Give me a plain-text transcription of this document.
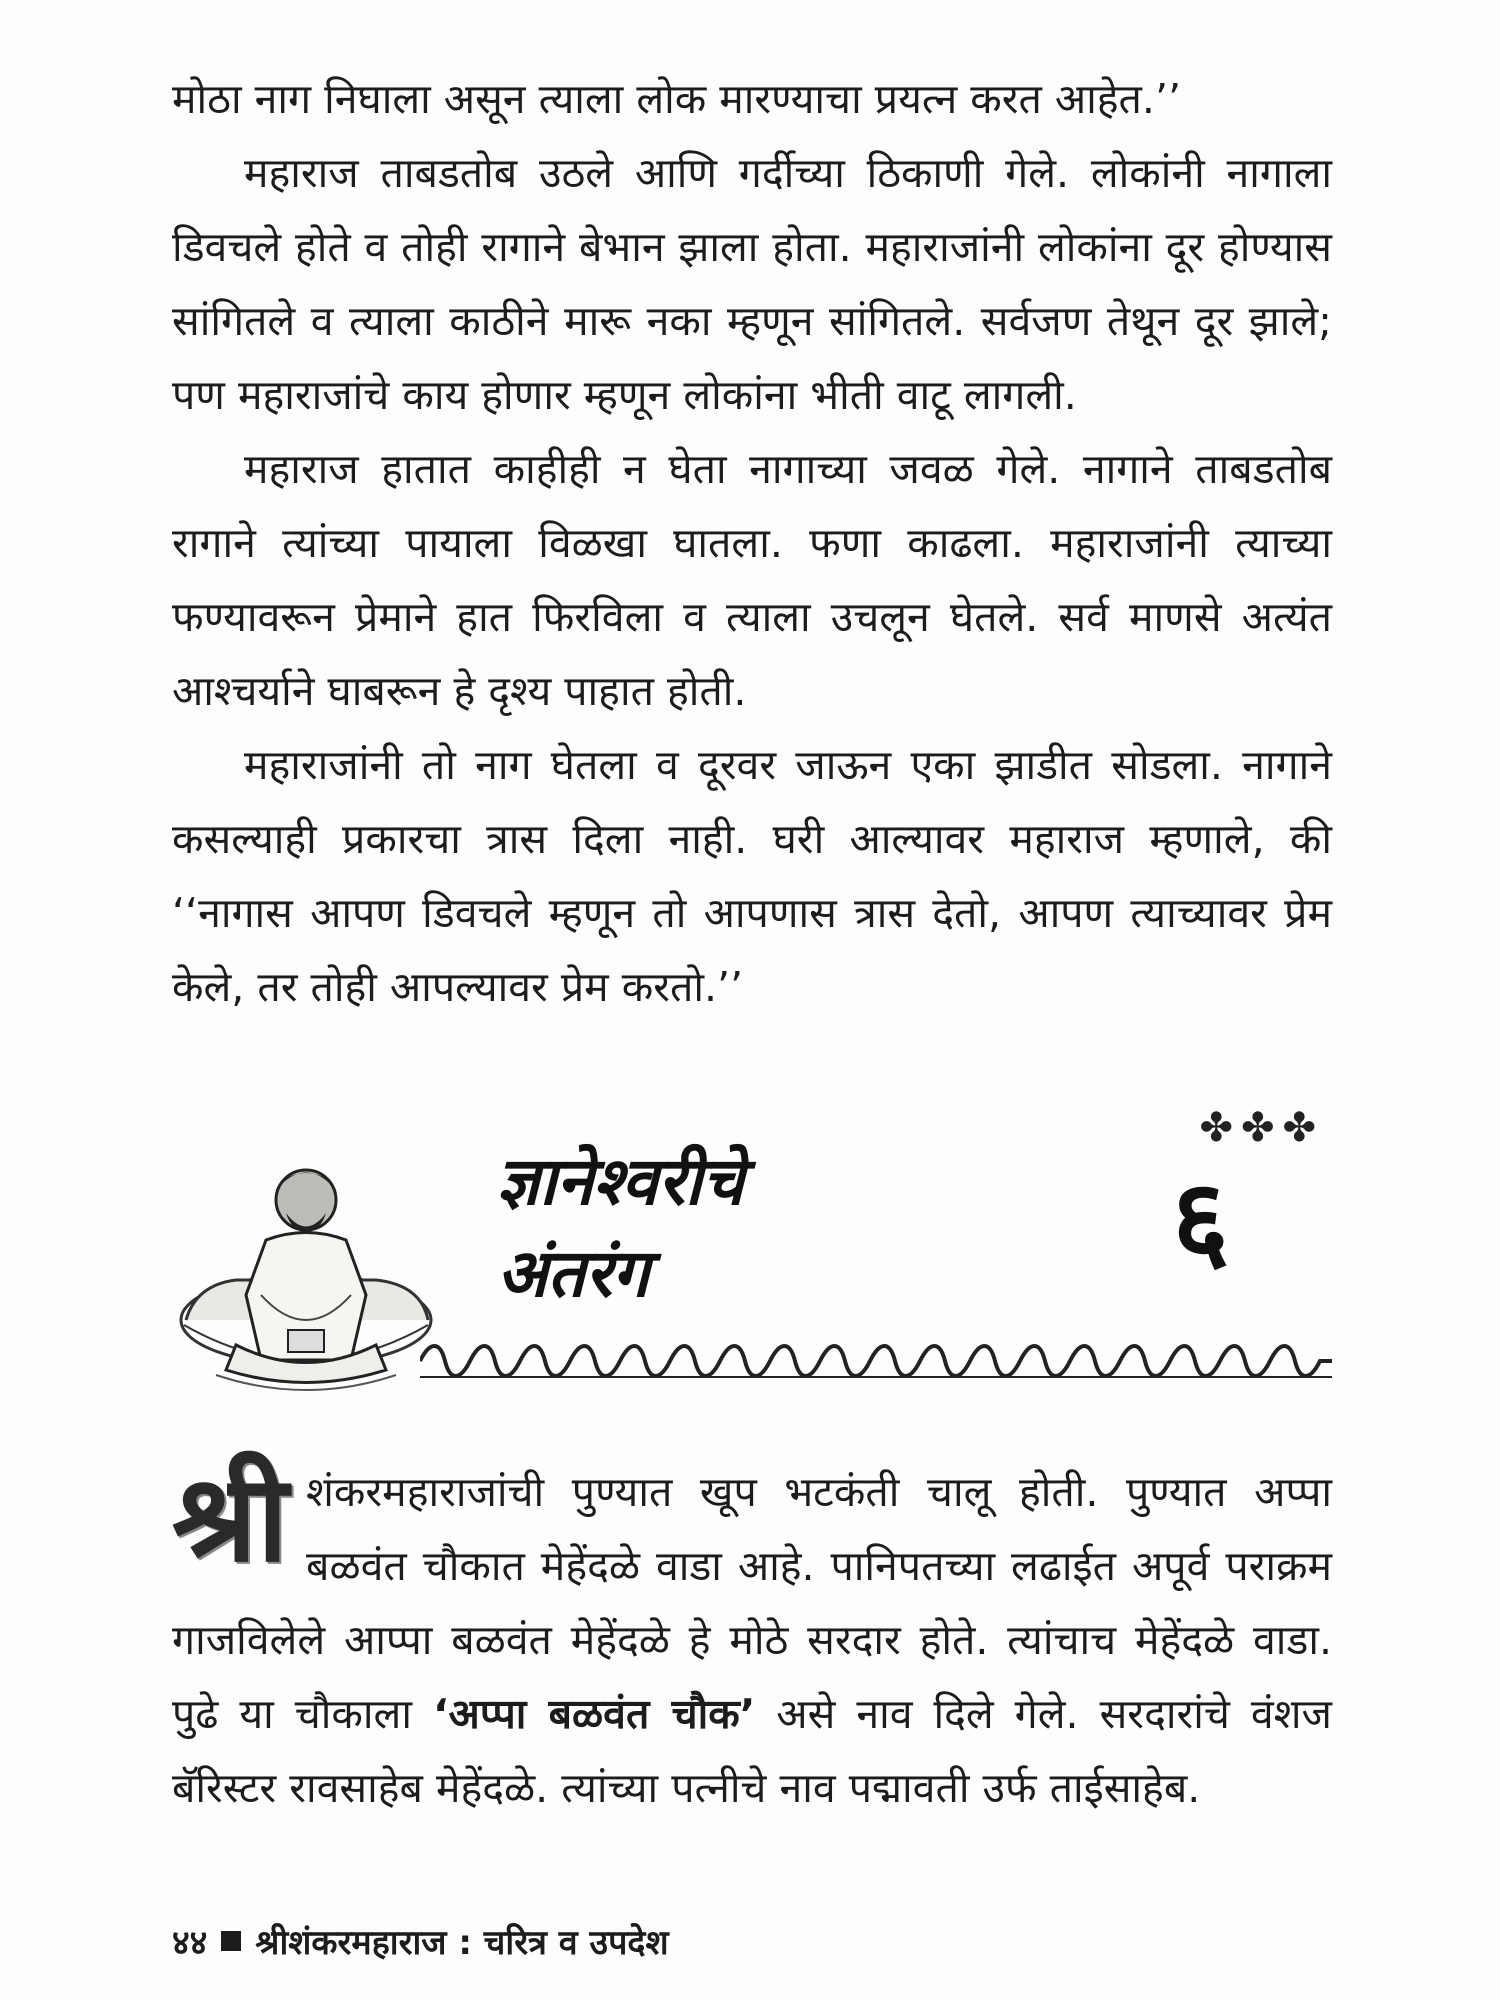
मोठा नाग निघाला असून त्याला लोक मारण्याचा प्रयत्न करत आहेत.’’

महाराज ताबडतोब उठले आणि गर्दीच्या ठिकाणी गेले. लोकांनी नागाला डिवचले होते व तोही रागाने बेभान झाला होता. महाराजांनी लोकांना दूर होण्यास सांगितले व त्याला काठीने मारू नका म्हणून सांगितले. सर्वजण तेथून दूर झाले; पण महाराजांचे काय होणार म्हणून लोकांना भीती वाटू लागली.

महाराज हातात काहीही न घेता नागाच्या जवळ गेले. नागाने ताबडतोब रागाने त्यांच्या पायाला विळखा घातला. फणा काढला. महाराजांनी त्याच्या फण्यावरून प्रेमाने हात फिरविला व त्याला उचलून घेतले. सर्व माणसे अत्यंत आश्चर्याने घाबरून हे दृश्य पाहात होती.

महाराजांनी तो नाग घेतला व दूरवर जाऊन एका झाडीत सोडला. नागाने कसल्याही प्रकारचा त्रास दिला नाही. घरी आल्यावर महाराज म्हणाले, की ‘‘नागास आपण डिवचले म्हणून तो आपणास त्रास देतो, आपण त्याच्यावर प्रेम केले, तर तोही आपल्यावर प्रेम करतो.’’

✤✤✤
ज्ञानेश्वरीचे
अंतरंग	६
श्री शंकरमहाराजांची पुण्यात खूप भटकंती चालू होती. पुण्यात अप्पा बळवंत चौकात मेहेंदळे वाडा आहे. पानिपतच्या लढाईत अपूर्व पराक्रम गाजविलेले आप्पा बळवंत मेहेंदळे हे मोठे सरदार होते. त्यांचाच मेहेंदळे वाडा. पुढे या चौकाला ‘अप्पा बळवंत चौक’ असे नाव दिले गेले. सरदारांचे वंशज बॅरिस्टर रावसाहेब मेहेंदळे. त्यांच्या पत्नीचे नाव पद्मावती उर्फ ताईसाहेब.

४४ श्रीशंकरमहाराज : चरित्र व उपदेश
